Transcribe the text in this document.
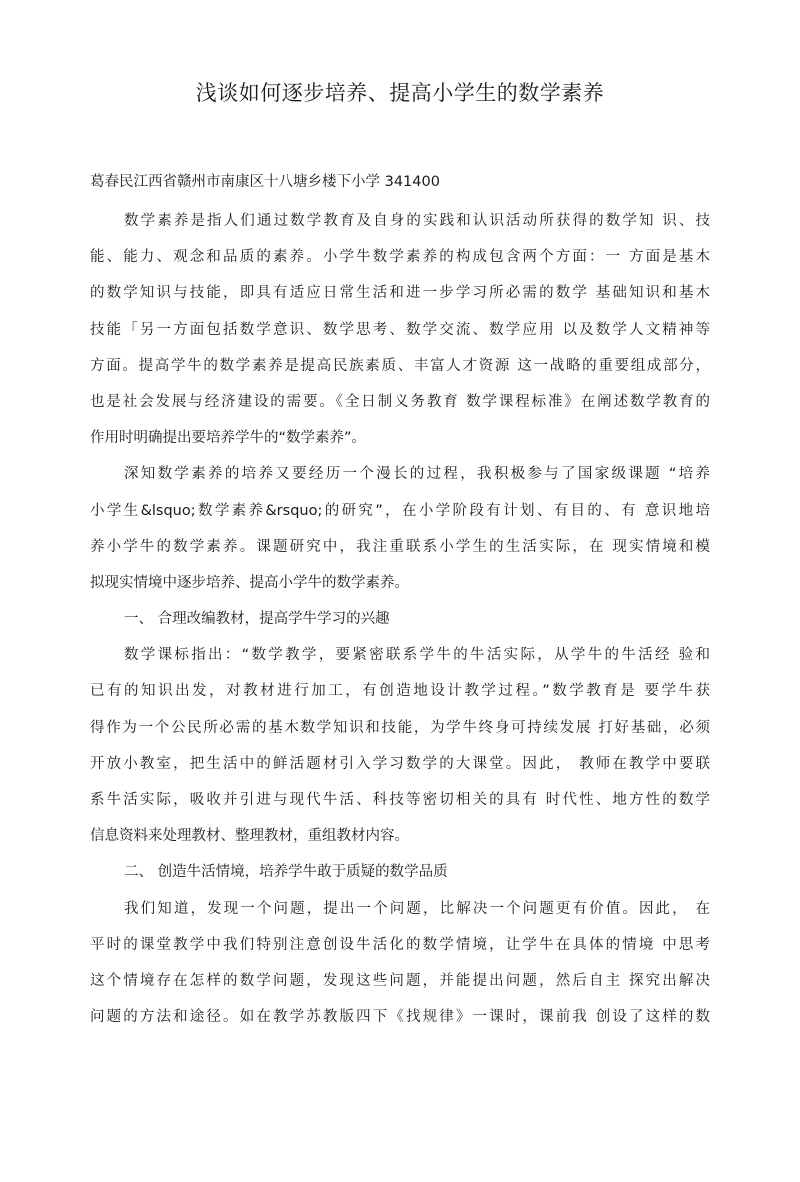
浅谈如何逐步培养、提高小学生的数学素养
葛春民江西省赣州市南康区十八塘乡楼下小学 341400
数学素养是指人们通过数学教育及自身的实践和认识活动所获得的数学知 识、技
能、能力、观念和品质的素养。小学牛数学素养的构成包含两个方面：一 方面是基木
的数学知识与技能，即具有适应日常生活和进一步学习所必需的数学 基础知识和基木
技能「另一方面包括数学意识、数学思考、数学交流、数学应用 以及数学人文精神等
方面。提高学牛的数学素养是提高民族素质、丰富人才资源 这一战略的重要组成部分，
也是社会发展与经济建设的需要。《全日制义务教育 数学课程标准》在阐述数学教育的
作用时明确提出要培养学牛的“数学素养”。
深知数学素养的培养又要经历一个漫长的过程，我积极参与了国家级课题 “培养
小学生&lsquo;数学素养&rsquo;的研究”，在小学阶段有计划、有目的、有 意识地培
养小学牛的数学素养。课题研究中，我注重联系小学生的生活实际，在 现实情境和模
拟现实情境中逐步培养、提高小学牛的数学素养。
一、 合理改编教材，提高学牛学习的兴趣
数学课标指出：“数学教学，要紧密联系学牛的牛活实际，从学牛的牛活经 验和
已有的知识出发，对教材进行加工，有创造地设计教学过程。”数学教育是 要学牛获
得作为一个公民所必需的基木数学知识和技能，为学牛终身可持续发展 打好基础，必须
开放小教室，把生活中的鲜活题材引入学习数学的大课堂。因此， 教师在教学中要联
系牛活实际，吸收并引进与现代牛活、科技等密切相关的具有 时代性、地方性的数学
信息资料来处理教材、整理教材，重组教材内容。
二、 创造牛活情境，培养学牛敢于质疑的数学品质
我们知道，发现一个问题，提出一个问题，比解决一个问题更有价值。因此， 在
平时的课堂教学中我们特别注意创设牛活化的数学情境，让学牛在具体的情境 中思考
这个情境存在怎样的数学问题，发现这些问题，并能提出问题，然后自主 探究出解决
问题的方法和途径。如在教学苏教版四下《找规律》一课时，课前我 创设了这样的数
